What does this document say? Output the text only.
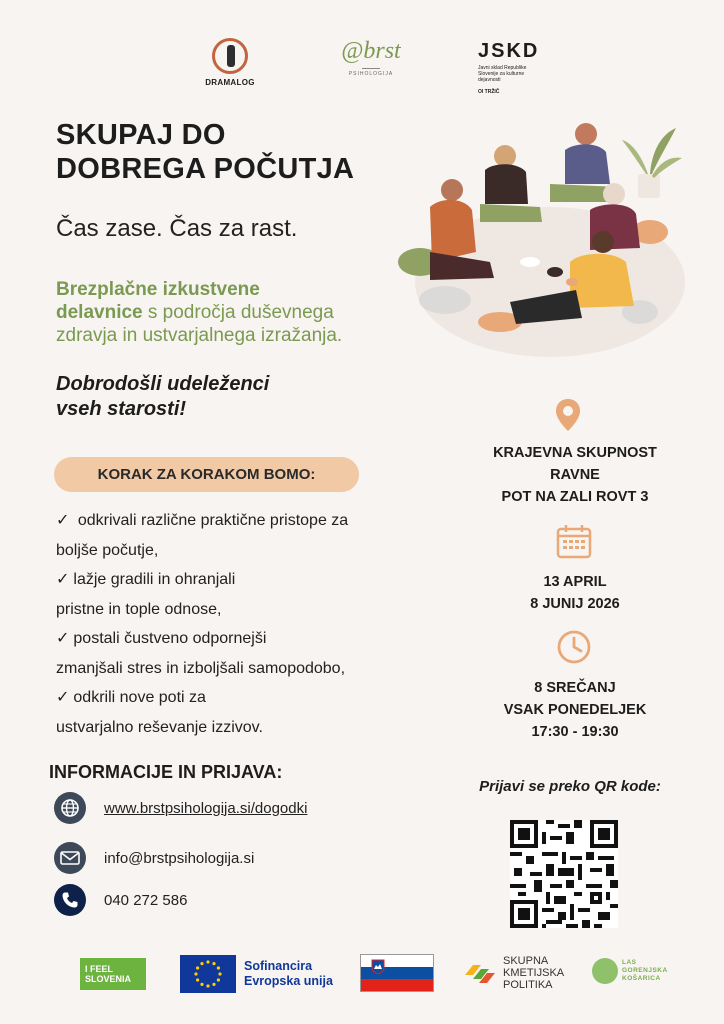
DRAMALOG
@brst
PSIHOLOGIJA
JSKD
Javni sklad Republike Slovenije za kulturne dejavnosti
OI TRŽIČ
SKUPAJ DO
DOBREGA POČUTJA
Čas zase. Čas za rast.
Brezplačne izkustvene
delavnice s področja duševnega
zdravja in ustvarjalnega izražanja.
Dobrodošli udeleženci
vseh starosti!
KORAK ZA KORAKOM BOMO:
✓ odkrivali različne praktične pristope za
boljše počutje,
✓ lažje gradili in ohranjali
pristne in tople odnose,
✓ postali čustveno odpornejši
zmanjšali stres in izboljšali samopodobo,
✓ odkrili nove poti za
ustvarjalno reševanje izzivov.
INFORMACIJE IN PRIJAVA:
www.brstpsihologija.si/dogodki
info@brstpsihologija.si
040 272 586
KRAJEVNA SKUPNOST
RAVNE
POT NA ZALI ROVT 3
13 APRIL
8 JUNIJ 2026
8 SREČANJ
VSAK PONEDELJEK
17:30 - 19:30
Prijavi se preko QR kode:
I FEEL
SLOVENIA
Sofinancira
Evropska unija
SKUPNA
KMETIJSKA
POLITIKA
LAS
GORENJSKA
KOŠARICA
